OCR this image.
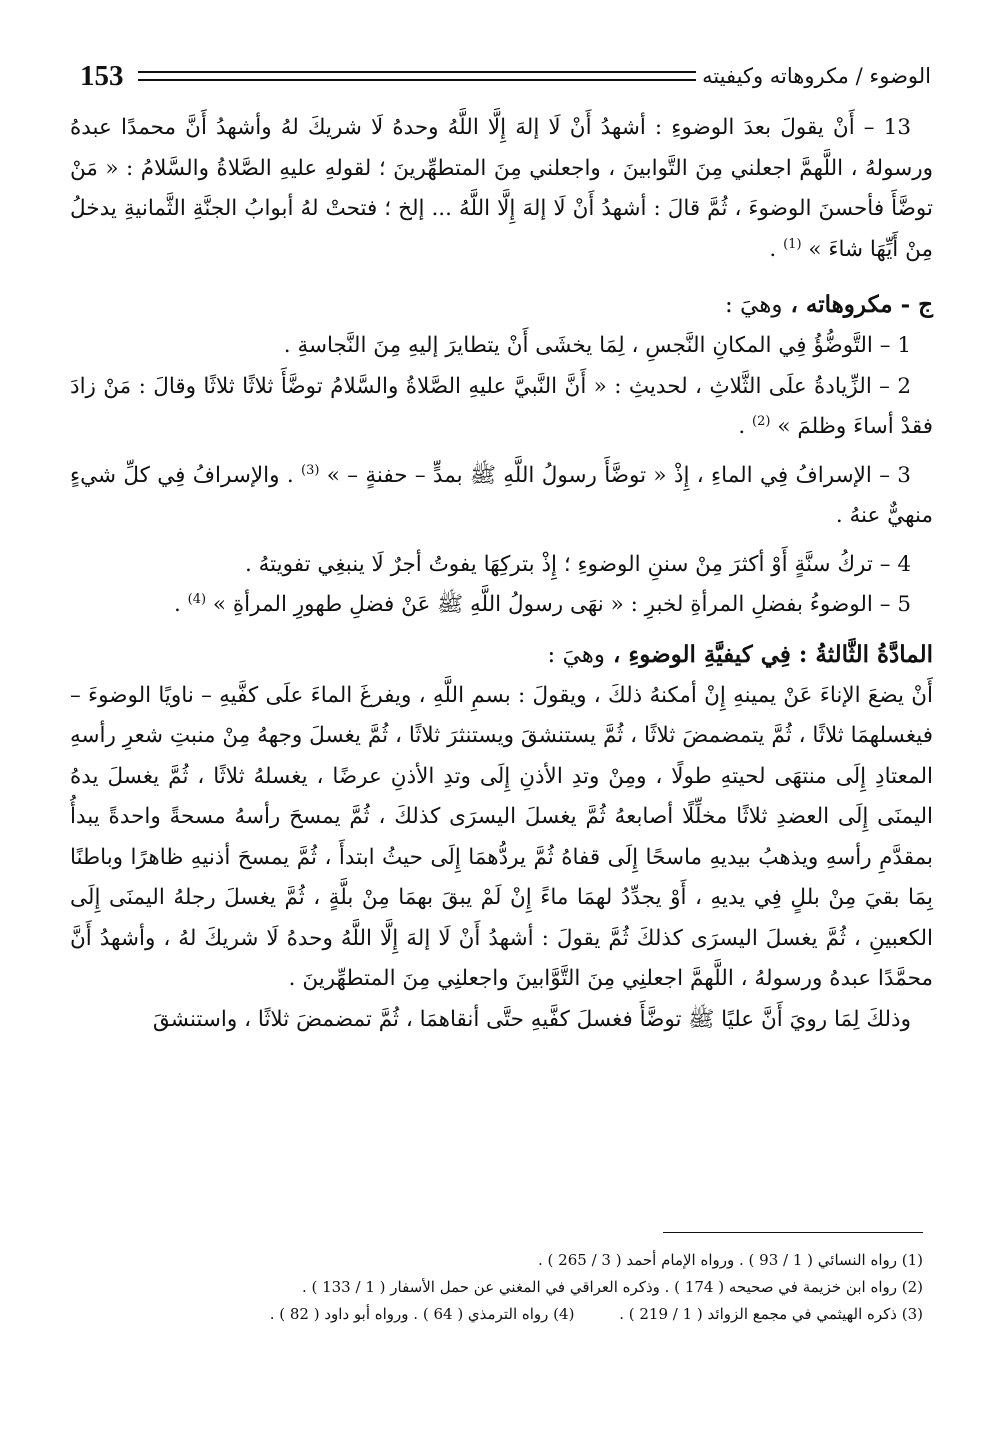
153	الوضوء / مكروهاته وكيفيته

13 – أَنْ يقولَ بعدَ الوضوءِ : أشهدُ أَنْ لَا إلهَ إِلَّا اللَّهُ وحدهُ لَا شريكَ لهُ وأشهدُ أَنَّ محمدًا عبدهُ ورسولهُ ، اللَّهمَّ اجعلني مِنَ التَّوابينَ ، واجعلني مِنَ المتطهِّرينَ ؛ لقولهِ عليهِ الصَّلاةُ والسَّلامُ : « مَنْ توضَّأَ فأحسنَ الوضوءَ ، ثُمَّ قالَ : أشهدُ أَنْ لَا إلهَ إِلَّا اللَّهُ ... إلخ ؛ فتحتْ لهُ أبوابُ الجنَّةِ الثَّمانيةِ يدخلُ مِنْ أَيِّهَا شاءَ » $^{(1)}$ .

ج - مكروهاته ، وهيَ :

1 – التَّوضُّؤُ فِي المكانِ النَّجسِ ، لِمَا يخشَى أَنْ يتطايرَ إليهِ مِنَ النَّجاسةِ .

2 – الزِّيادةُ علَى الثَّلاثِ ، لحديثِ : « أَنَّ النَّبيَّ عليهِ الصَّلاةُ والسَّلامُ توضَّأَ ثلاثًا ثلاثًا وقالَ : مَنْ زادَ فقدْ أساءَ وظلمَ » $^{(2)}$ .

3 – الإسرافُ فِي الماءِ ، إِذْ « توضَّأَ رسولُ اللَّهِ ﷺ بمدٍّ – حفنةٍ – » $^{(3)}$ . والإسرافُ فِي كلِّ شيءٍ منهيٌّ عنهُ .

4 – تركُ سنَّةٍ أَوْ أكثرَ مِنْ سننِ الوضوءِ ؛ إِذْ بتركِهَا يفوتُ أجرٌ لَا ينبغِي تفويتهُ .

5 – الوضوءُ بفضلِ المرأةِ لخبرِ : « نهَى رسولُ اللَّهِ ﷺ عَنْ فضلِ طهورِ المرأةِ » $^{(4)}$ .

المادَّةُ الثَّالثةُ : فِي كيفيَّةِ الوضوءِ ، وهيَ :

أَنْ يضعَ الإناءَ عَنْ يمينهِ إِنْ أمكنهُ ذلكَ ، ويقولَ : بسمِ اللَّهِ ، ويفرغَ الماءَ علَى كفَّيهِ – ناويًا الوضوءَ – فيغسلهمَا ثلاثًا ، ثُمَّ يتمضمضَ ثلاثًا ، ثُمَّ يستنشقَ ويستنثرَ ثلاثًا ، ثُمَّ يغسلَ وجههُ مِنْ منبتِ شعرِ رأسهِ المعتادِ إِلَى منتهَى لحيتهِ طولًا ، ومِنْ وتدِ الأذنِ إِلَى وتدِ الأذنِ عرضًا ، يغسلهُ ثلاثًا ، ثُمَّ يغسلَ يدهُ اليمنَى إِلَى العضدِ ثلاثًا مخلِّلًا أصابعهُ ثُمَّ يغسلَ اليسرَى كذلكَ ، ثُمَّ يمسحَ رأسهُ مسحةً واحدةً يبدأُ بمقدَّمِ رأسهِ ويذهبُ بيديهِ ماسحًا إِلَى قفاهُ ثُمَّ يردُّهمَا إِلَى حيثُ ابتدأَ ، ثُمَّ يمسحَ أذنيهِ ظاهرًا وباطنًا بِمَا بقيَ مِنْ بللٍ فِي يديهِ ، أَوْ يجدِّدُ لهمَا ماءً إِنْ لَمْ يبقَ بهمَا مِنْ بلَّةٍ ، ثُمَّ يغسلَ رجلهُ اليمنَى إِلَى الكعبينِ ، ثُمَّ يغسلَ اليسرَى كذلكَ ثُمَّ يقولَ : أشهدُ أَنْ لَا إلهَ إِلَّا اللَّهُ وحدهُ لَا شريكَ لهُ ، وأشهدُ أَنَّ محمَّدًا عبدهُ ورسولهُ ، اللَّهمَّ اجعلنِي مِنَ التَّوَّابينَ واجعلنِي مِنَ المتطهِّرينَ .

وذلكَ لِمَا رويَ أَنَّ عليًا ﷺ توضَّأَ فغسلَ كفَّيهِ حتَّى أنقاهمَا ، ثُمَّ تمضمضَ ثلاثًا ، واستنشقَ

(1) رواه النسائي ( 1 / 93 ) . ورواه الإمام أحمد ( 3 / 265 ) .
(2) رواه ابن خزيمة في صحيحه ( 174 ) . وذكره العراقي في المغني عن حمل الأسفار ( 1 / 133 ) .
(3) ذكره الهيثمي في مجمع الزوائد ( 1 / 219 ) . (4) رواه الترمذي ( 64 ) . ورواه أبو داود ( 82 ) .
